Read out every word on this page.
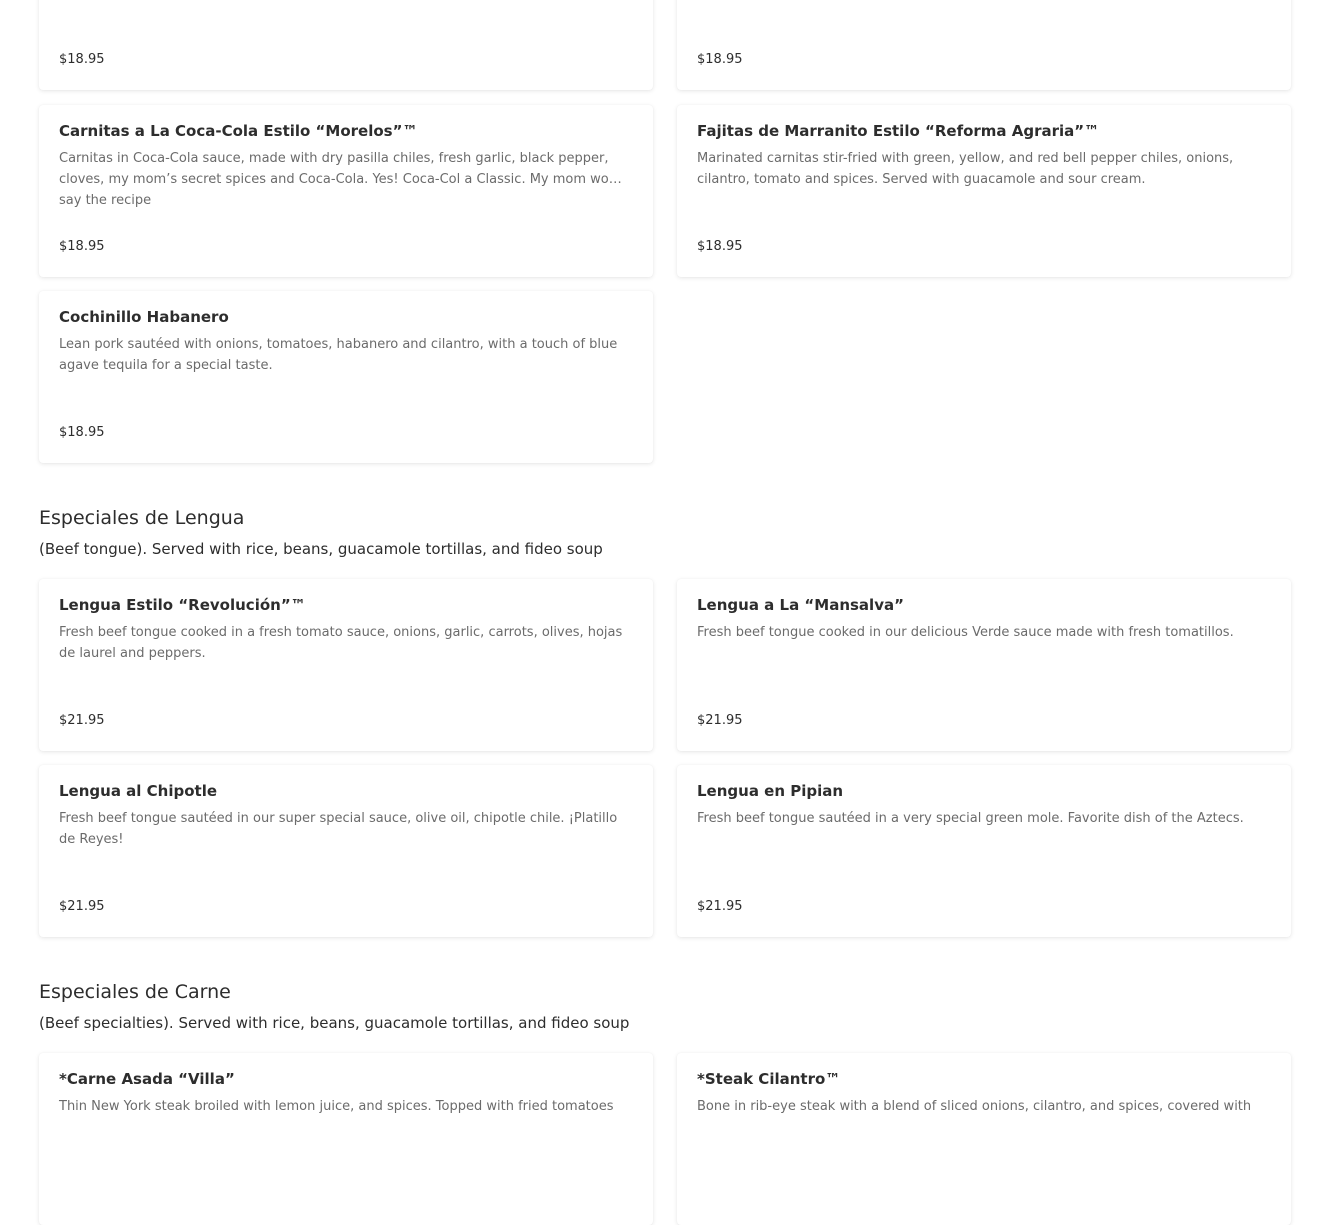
$18.95	$18.95
Carnitas a La Coca-Cola Estilo “Morelos”™
Carnitas in Coca-Cola sauce, made with dry pasilla chiles, fresh garlic, black pepper, cloves, my mom’s secret spices and Coca-Cola. Yes! Coca-Col a Classic. My mom would say the recipe
$18.95
Fajitas de Marranito Estilo “Reforma Agraria”™
Marinated carnitas stir-fried with green, yellow, and red bell pepper chiles, onions, cilantro, tomato and spices. Served with guacamole and sour cream.
$18.95
Cochinillo Habanero
Lean pork sautéed with onions, tomatoes, habanero and cilantro, with a touch of blue agave tequila for a special taste.
$18.95
Especiales de Lengua
(Beef tongue). Served with rice, beans, guacamole tortillas, and fideo soup
Lengua Estilo “Revolución”™
Fresh beef tongue cooked in a fresh tomato sauce, onions, garlic, carrots, olives, hojas de laurel and peppers.
$21.95
Lengua a La “Mansalva”
Fresh beef tongue cooked in our delicious Verde sauce made with fresh tomatillos.
$21.95
Lengua al Chipotle
Fresh beef tongue sautéed in our super special sauce, olive oil, chipotle chile. ¡Platillo de Reyes!
$21.95
Lengua en Pipian
Fresh beef tongue sautéed in a very special green mole. Favorite dish of the Aztecs.
$21.95
Especiales de Carne
(Beef specialties). Served with rice, beans, guacamole tortillas, and fideo soup
*Carne Asada “Villa”
Thin New York steak broiled with lemon juice, and spices. Topped with fried tomatoes
*Steak Cilantro™
Bone in rib-eye steak with a blend of sliced onions, cilantro, and spices, covered with
